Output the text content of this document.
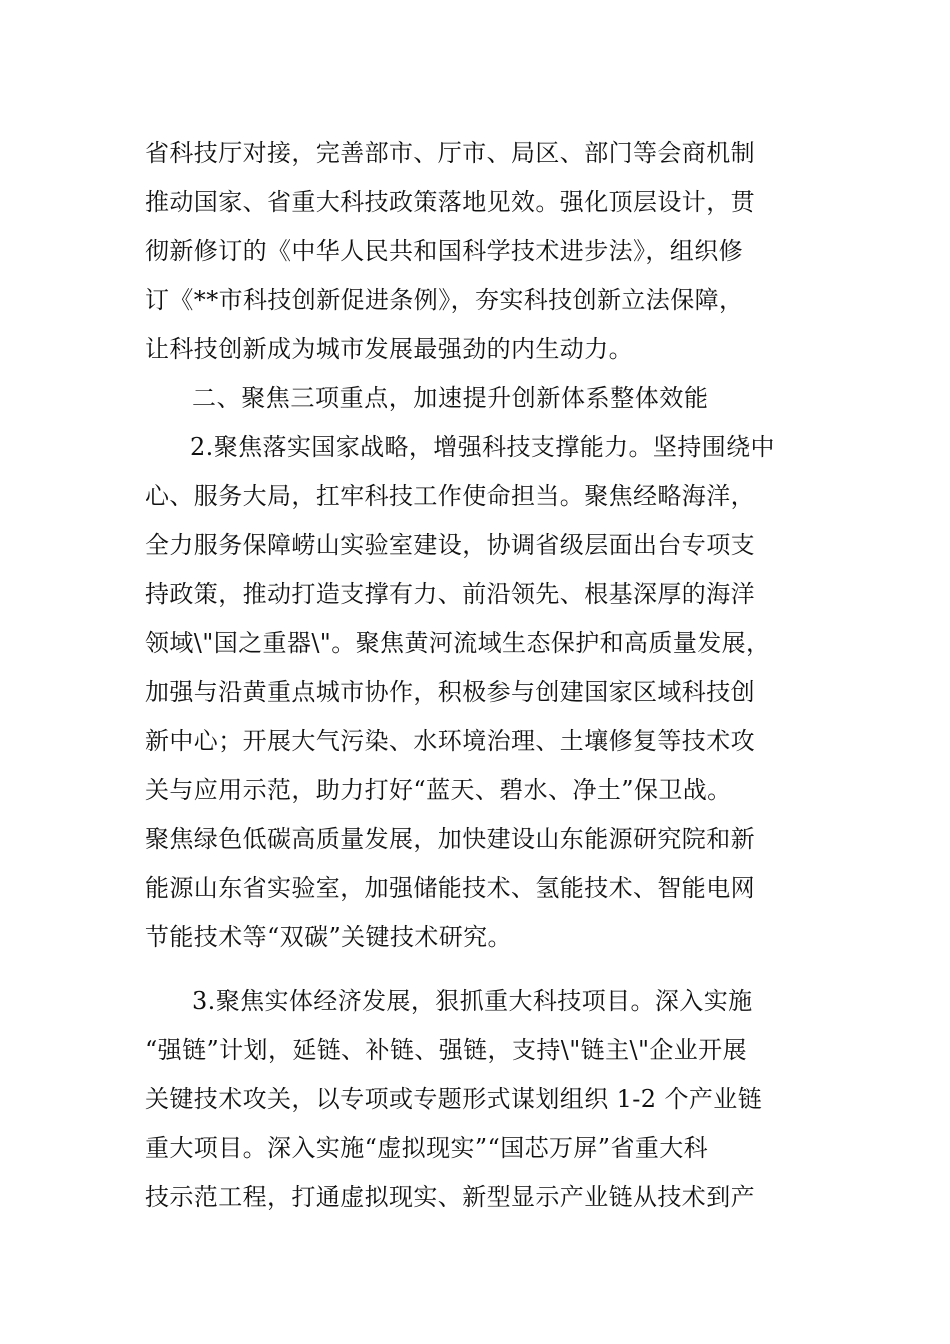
省科技厅对接，完善部市、厅市、局区、部门等会商机制
推动国家、省重大科技政策落地见效。强化顶层设计，贯
彻新修订的《中华人民共和国科学技术进步法》，组织修
订《**市科技创新促进条例》，夯实科技创新立法保障，
让科技创新成为城市发展最强劲的内生动力。
二、聚焦三项重点，加速提升创新体系整体效能
2.聚焦落实国家战略，增强科技支撑能力。坚持围绕中
心、服务大局，扛牢科技工作使命担当。聚焦经略海洋，
全力服务保障崂山实验室建设，协调省级层面出台专项支
持政策，推动打造支撑有力、前沿领先、根基深厚的海洋
领域\"国之重器\"。聚焦黄河流域生态保护和高质量发展，
加强与沿黄重点城市协作，积极参与创建国家区域科技创
新中心；开展大气污染、水环境治理、土壤修复等技术攻
关与应用示范，助力打好“蓝天、碧水、净土”保卫战。
聚焦绿色低碳高质量发展，加快建设山东能源研究院和新
能源山东省实验室，加强储能技术、氢能技术、智能电网
节能技术等“双碳”关键技术研究。
3.聚焦实体经济发展，狠抓重大科技项目。深入实施
“强链”计划，延链、补链、强链，支持\"链主\"企业开展
关键技术攻关，以专项或专题形式谋划组织 1-2 个产业链
重大项目。深入实施“虚拟现实”“国芯万屏”省重大科
技示范工程，打通虚拟现实、新型显示产业链从技术到产
